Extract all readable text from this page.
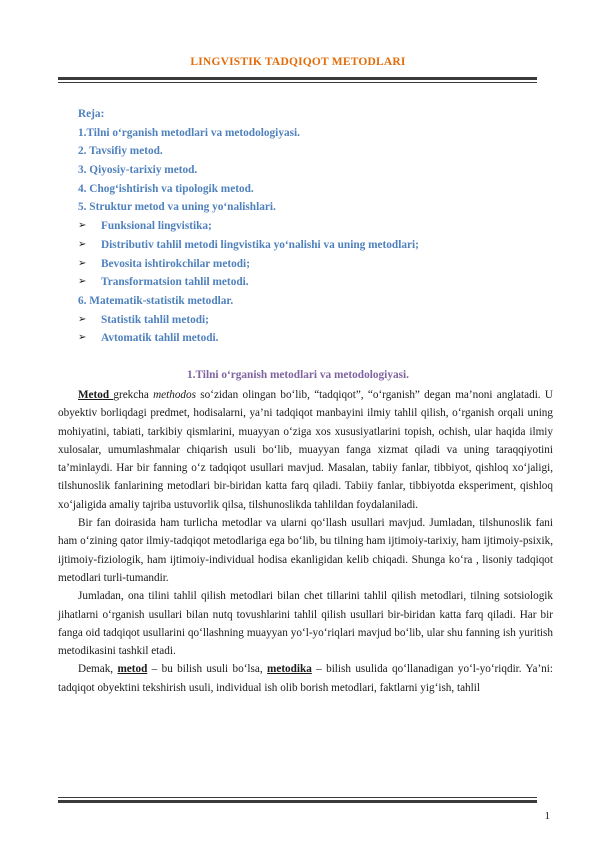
LINGVISTIK TADQIQOT METODLARI
Reja:
1.Tilni o‘rganish metodlari va metodologiyasi.
2. Tavsifiy metod.
3. Qiyosiy-tarixiy metod.
4. Chog‘ishtirish va tipologik metod.
5. Struktur metod va uning yo‘nalishlari.
➢ Funksional lingvistika;
➢ Distributiv tahlil metodi lingvistika yo‘nalishi va uning metodlari;
➢ Bevosita ishtirokchilar metodi;
➢ Transformatsion tahlil metodi.
6. Matematik-statistik metodlar.
➢ Statistik tahlil metodi;
➢ Avtomatik tahlil metodi.
1.Tilni o‘rganish metodlari va metodologiyasi.

Metod grekcha methodos so‘zidan olingan bo‘lib, “tadqiqot”, “o‘rganish” degan ma’noni anglatadi. U obyektiv borliqdagi predmet, hodisalarni, ya’ni tadqiqot manbayini ilmiy tahlil qilish, o‘rganish orqali uning mohiyatini, tabiati, tarkibiy qismlarini, muayyan o‘ziga xos xususiyatlarini topish, ochish, ular haqida ilmiy xulosalar, umumlashmalar chiqarish usuli bo‘lib, muayyan fanga xizmat qiladi va uning taraqqiyotini ta’minlaydi. Har bir fanning o‘z tadqiqot usullari mavjud. Masalan, tabiiy fanlar, tibbiyot, qishloq xo‘jaligi, tilshunoslik fanlarining metodlari bir-biridan katta farq qiladi. Tabiiy fanlar, tibbiyotda eksperiment, qishloq xo‘jaligida amaliy tajriba ustuvorlik qilsa, tilshunoslikda tahlildan foydalaniladi.

Bir fan doirasida ham turlicha metodlar va ularni qo‘llash usullari mavjud. Jumladan, tilshunoslik fani ham o‘zining qator ilmiy-tadqiqot metodlariga ega bo‘lib, bu tilning ham ijtimoiy-tarixiy, ham ijtimoiy-psixik, ijtimoiy-fiziologik, ham ijtimoiy-individual hodisa ekanligidan kelib chiqadi. Shunga ko‘ra , lisoniy tadqiqot metodlari turli-tumandir.

Jumladan, ona tilini tahlil qilish metodlari bilan chet tillarini tahlil qilish metodlari, tilning sotsiologik jihatlarni o‘rganish usullari bilan nutq tovushlarini tahlil qilish usullari bir-biridan katta farq qiladi. Har bir fanga oid tadqiqot usullarini qo‘llashning muayyan yo‘l-yo‘riqlari mavjud bo‘lib, ular shu fanning ish yuritish metodikasini tashkil etadi.

Demak, metod – bu bilish usuli bo‘lsa, metodika – bilish usulida qo‘llanadigan yo‘l-yo‘riqdir. Ya’ni: tadqiqot obyektini tekshirish usuli, individual ish olib borish metodlari, faktlarni yig‘ish, tahlil

1
